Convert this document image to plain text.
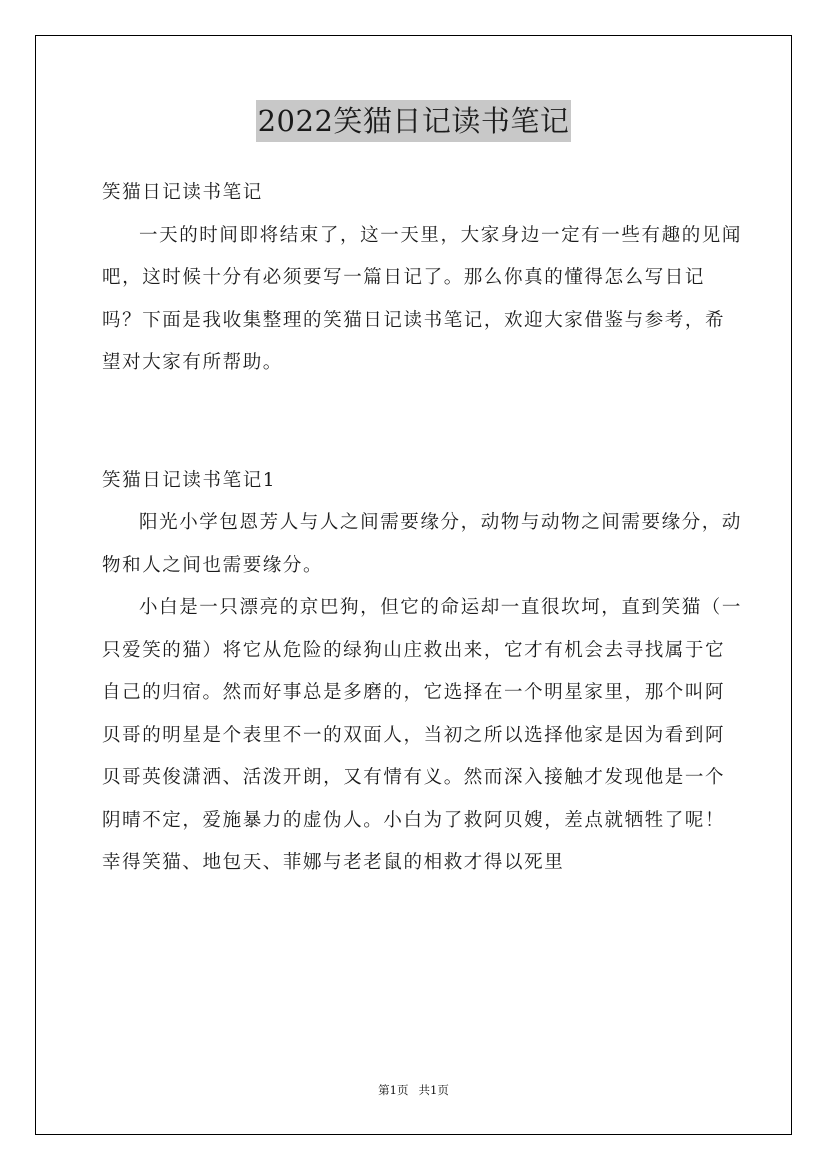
2022笑猫日记读书笔记

笑猫日记读书笔记

一天的时间即将结束了，这一天里，大家身边一定有一些有趣的见闻吧，这时候十分有必须要写一篇日记了。那么你真的懂得怎么写日记吗？下面是我收集整理的笑猫日记读书笔记，欢迎大家借鉴与参考，希望对大家有所帮助。

笑猫日记读书笔记1

阳光小学包恩芳人与人之间需要缘分，动物与动物之间需要缘分，动物和人之间也需要缘分。

小白是一只漂亮的京巴狗，但它的命运却一直很坎坷，直到笑猫（一只爱笑的猫）将它从危险的绿狗山庄救出来，它才有机会去寻找属于它自己的归宿。然而好事总是多磨的，它选择在一个明星家里，那个叫阿贝哥的明星是个表里不一的双面人，当初之所以选择他家是因为看到阿贝哥英俊潇洒、活泼开朗，又有情有义。然而深入接触才发现他是一个阴晴不定，爱施暴力的虚伪人。小白为了救阿贝嫂，差点就牺牲了呢！幸得笑猫、地包天、菲娜与老老鼠的相救才得以死里

第1页 共1页
